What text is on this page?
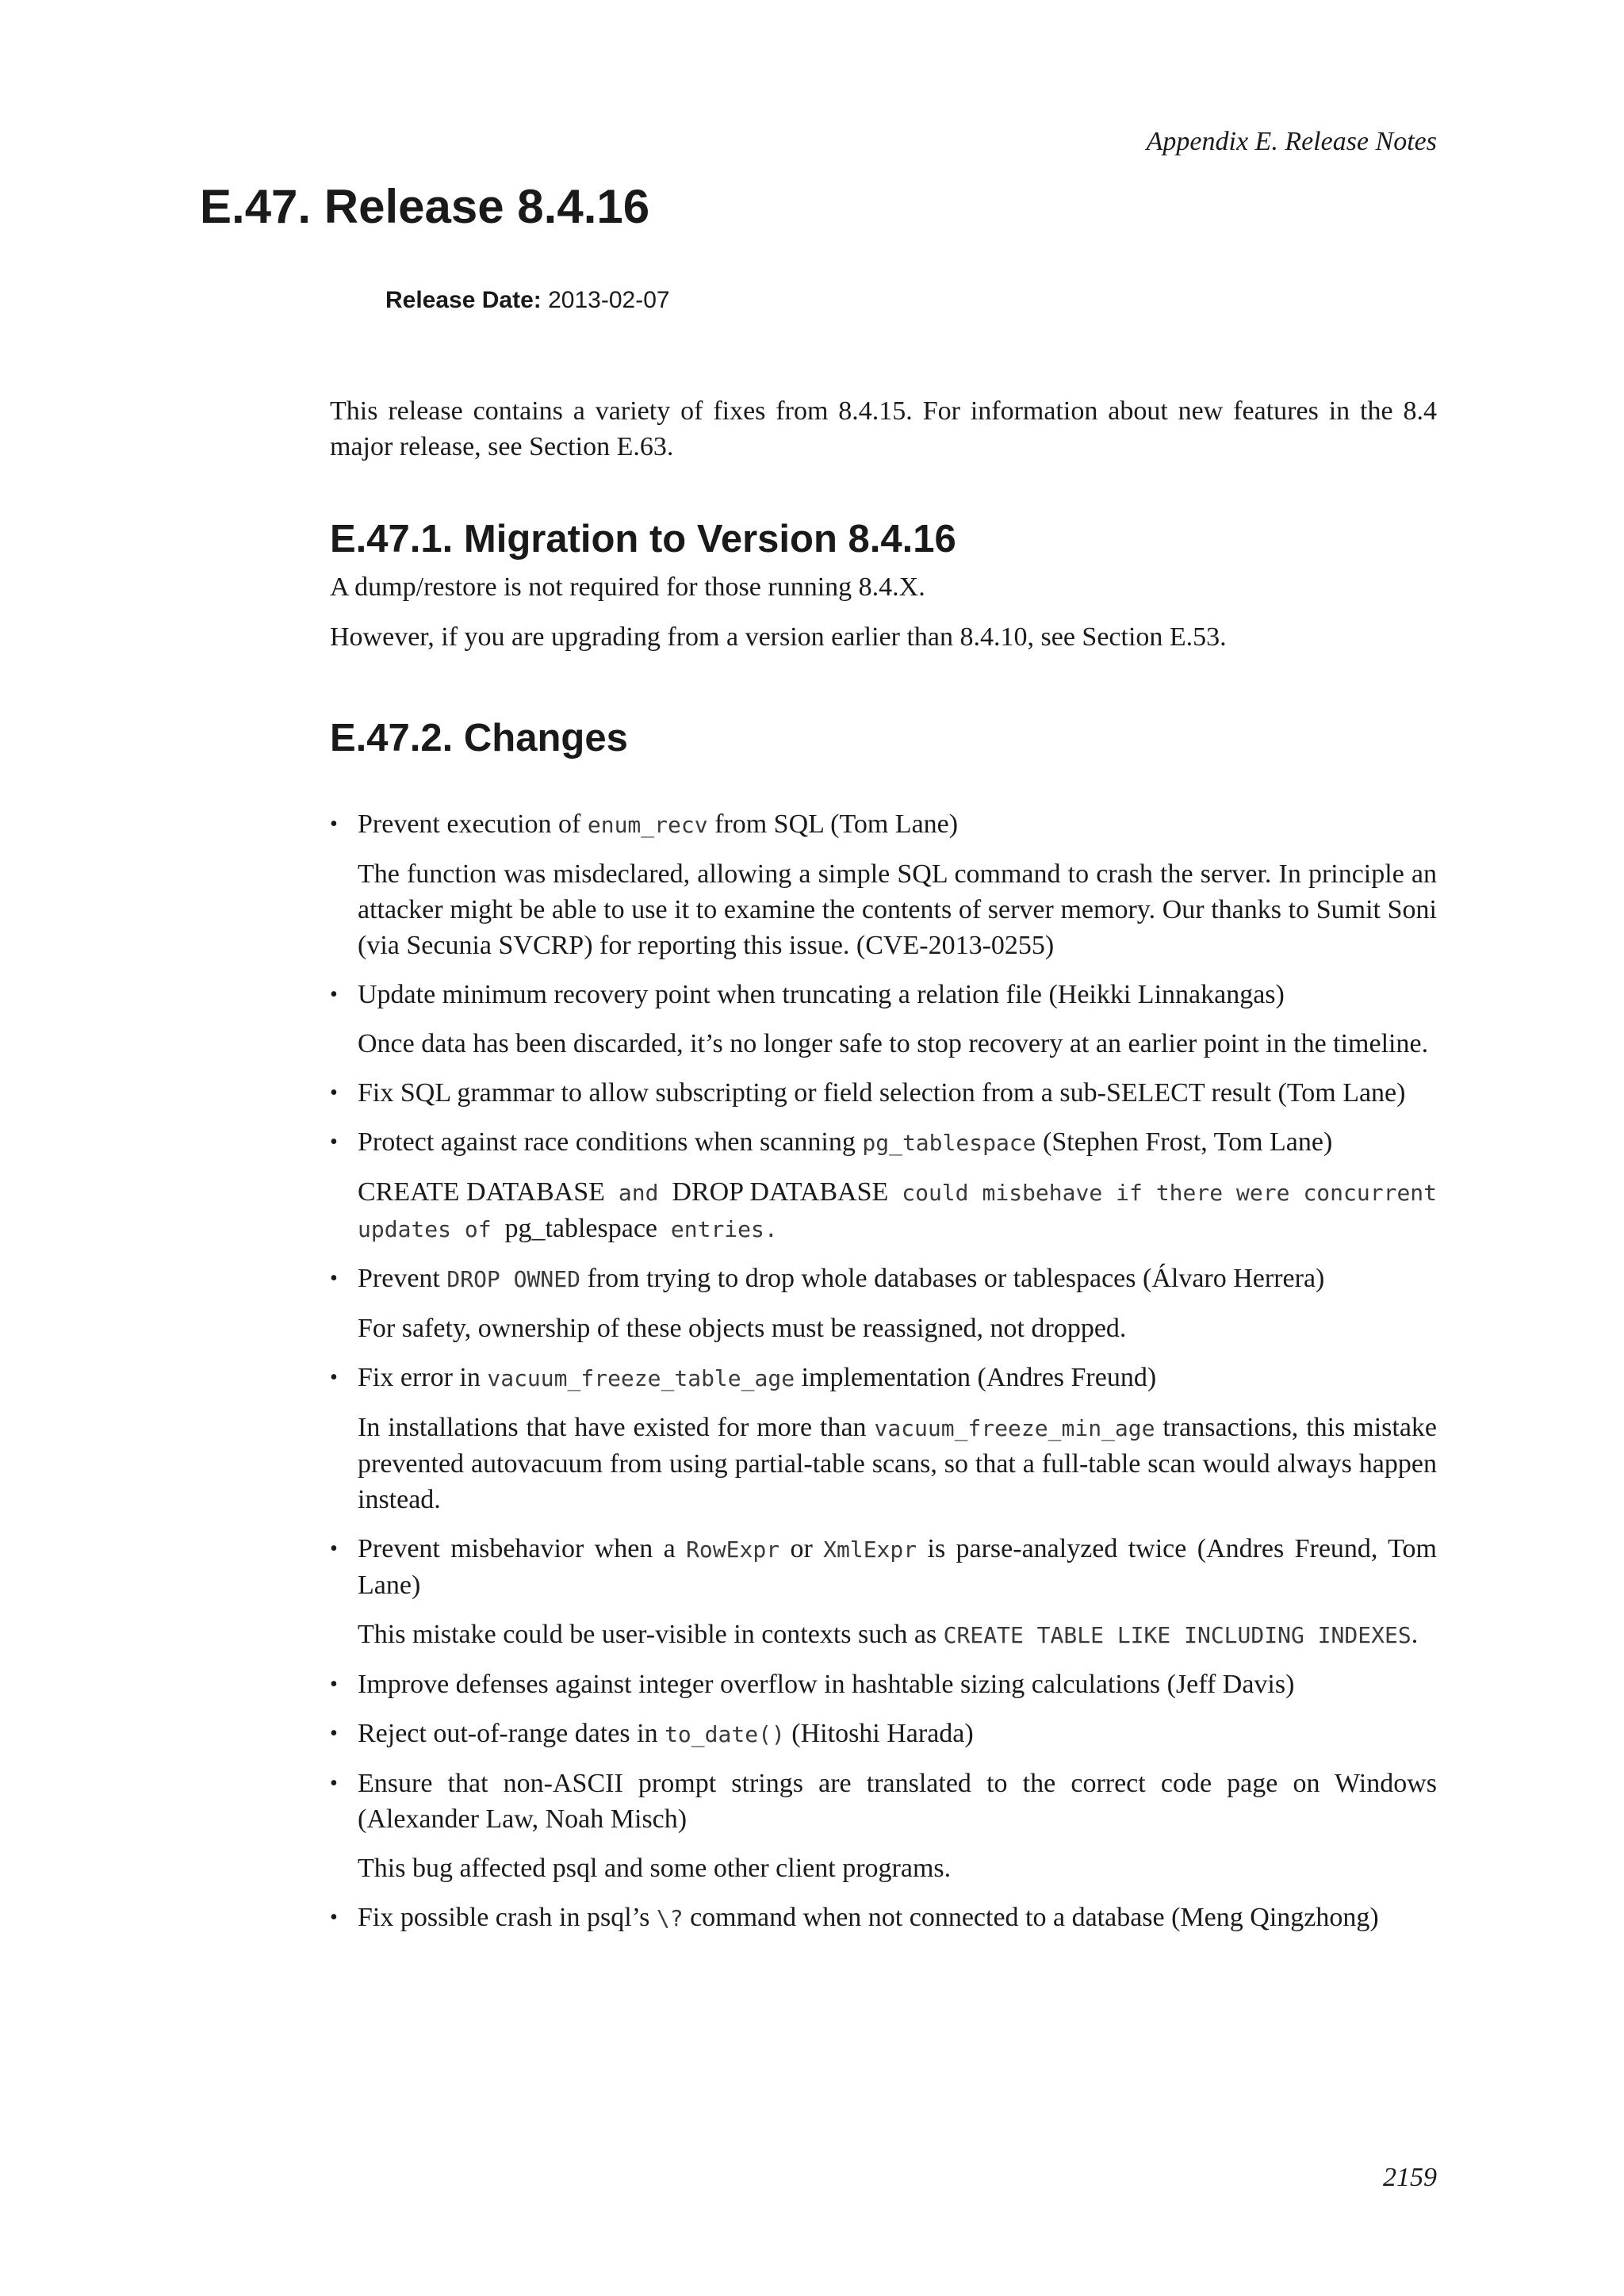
Appendix E. Release Notes
E.47. Release 8.4.16
Release Date: 2013-02-07

This release contains a variety of fixes from 8.4.15. For information about new features in the 8.4 major release, see Section E.63.

E.47.1. Migration to Version 8.4.16

A dump/restore is not required for those running 8.4.X.

However, if you are upgrading from a version earlier than 8.4.10, see Section E.53.

E.47.2. Changes
• Prevent execution of enum_recv from SQL (Tom Lane)

The function was misdeclared, allowing a simple SQL command to crash the server. In principle an attacker might be able to use it to examine the contents of server memory. Our thanks to Sumit Soni (via Secunia SVCRP) for reporting this issue. (CVE-2013-0255)

• Update minimum recovery point when truncating a relation file (Heikki Linnakangas)

Once data has been discarded, it’s no longer safe to stop recovery at an earlier point in the timeline.

• Fix SQL grammar to allow subscripting or field selection from a sub-SELECT result (Tom Lane)

• Protect against race conditions when scanning pg_tablespace (Stephen Frost, Tom Lane)

CREATE DATABASE and DROP DATABASE could misbehave if there were concurrent updates of pg_tablespace entries.

• Prevent DROP OWNED from trying to drop whole databases or tablespaces (Álvaro Herrera)

For safety, ownership of these objects must be reassigned, not dropped.

• Fix error in vacuum_freeze_table_age implementation (Andres Freund)

In installations that have existed for more than vacuum_freeze_min_age transactions, this mistake prevented autovacuum from using partial-table scans, so that a full-table scan would always happen instead.

• Prevent misbehavior when a RowExpr or XmlExpr is parse-analyzed twice (Andres Freund, Tom Lane)

This mistake could be user-visible in contexts such as CREATE TABLE LIKE INCLUDING INDEXES.

• Improve defenses against integer overflow in hashtable sizing calculations (Jeff Davis)

• Reject out-of-range dates in to_date() (Hitoshi Harada)

• Ensure that non-ASCII prompt strings are translated to the correct code page on Windows (Alexander Law, Noah Misch)

This bug affected psql and some other client programs.

• Fix possible crash in psql’s \? command when not connected to a database (Meng Qingzhong)

2159
